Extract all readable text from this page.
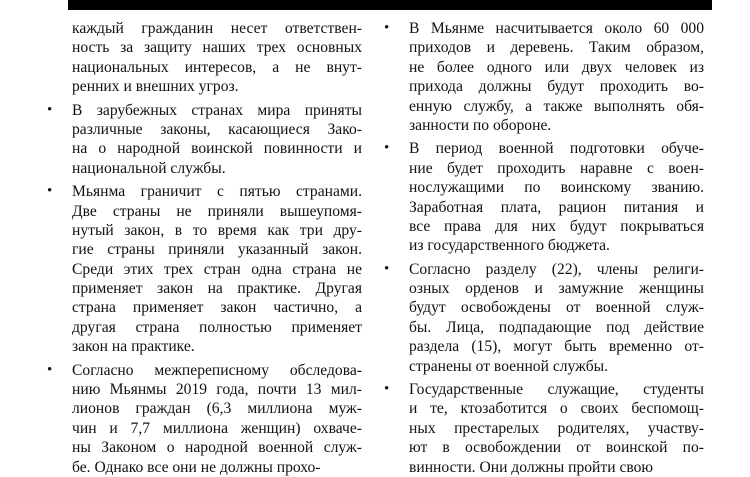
каждый гражданин несет ответствен-
ность за защиту наших трех основных
национальных интересов, а не внут-
ренних и внешних угроз.
•	В зарубежных странах мира приняты
различные законы, касающиеся Зако-
на о народной воинской повинности и
национальной службы.
•	Мьянма граничит с пятью странами.
Две страны не приняли вышеупомя-
нутый закон, в то время как три дру-
гие страны приняли указанный закон.
Среди этих трех стран одна страна не
применяет закон на практике. Другая
страна применяет закон частично, а
другая страна полностью применяет
закон на практике.
•	Согласно межпереписному обследова-
нию Мьянмы 2019 года, почти 13 мил-
лионов граждан (6,3 миллиона муж-
чин и 7,7 миллиона женщин) охваче-
ны Законом о народной военной служ-
бе. Однако все они не должны прохо-
•	В Мьянме насчитывается около 60 000
приходов и деревень. Таким образом,
не более одного или двух человек из
прихода должны будут проходить во-
енную службу, а также выполнять обя-
занности по обороне.
•	В период военной подготовки обуче-
ние будет проходить наравне с воен-
нослужащими по воинскому званию.
Заработная плата, рацион питания и
все права для них будут покрываться
из государственного бюджета.
•	Согласно разделу (22), члены религи-
озных орденов и замужние женщины
будут освобождены от военной служ-
бы. Лица, подпадающие под действие
раздела (15), могут быть временно от-
странены от военной службы.
•	Государственные служащие, студенты
и те, ктозаботится о своих беспомощ-
ных престарелых родителях, участву-
ют в освобождении от воинской по-
винности. Они должны пройти свою
